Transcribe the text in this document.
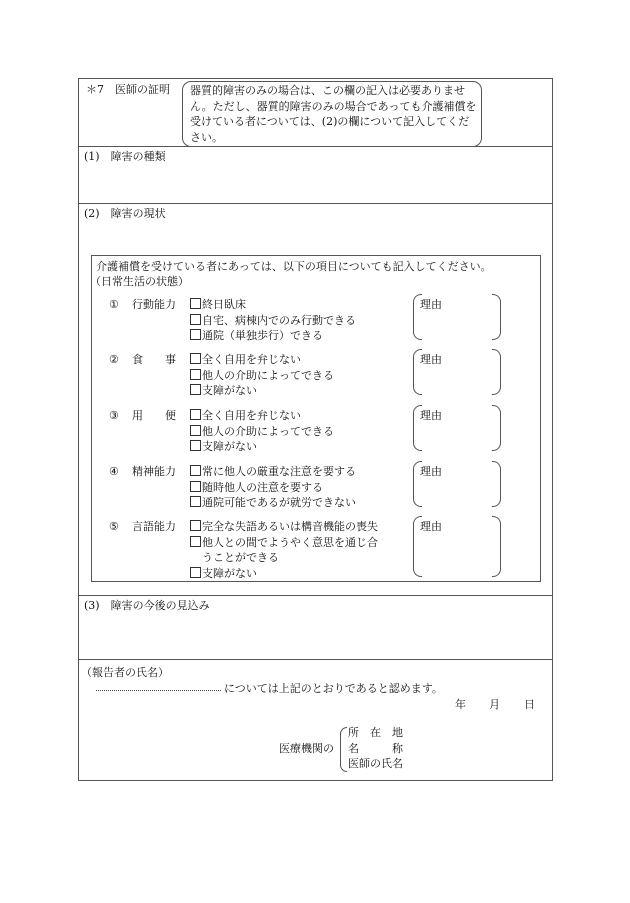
＊7　医師の証明 器質的障害のみの場合は、この欄の記入は必要ありません。ただし、器質的障害のみの場合であっても介護補償を受けている者については、(2)の欄について記入してください。
(1)　障害の種類
(2)　障害の現状
介護補償を受けている者にあっては、以下の項目についても記入してください。
（日常生活の状態）
① 行動能力	終日臥床
自宅、病棟内でのみ行動できる
通院（単独歩行）できる
理由
② 食　　事	全く自用を弁じない
他人の介助によってできる
支障がない
理由
③ 用　　便	全く自用を弁じない
他人の介助によってできる
支障がない
理由
④ 精神能力	常に他人の厳重な注意を要する
随時他人の注意を要する
通院可能であるが就労できない
理由
⑤ 言語能力	完全な失語あるいは構音機能の喪失
他人との間でようやく意思を通じ合
うことができる
支障がない
理由
(3)　障害の今後の見込み
（報告者の氏名）
については上記のとおりであると認めます。
年 月 日
医療機関の
所　在　地
名　　　称
医師の氏名
